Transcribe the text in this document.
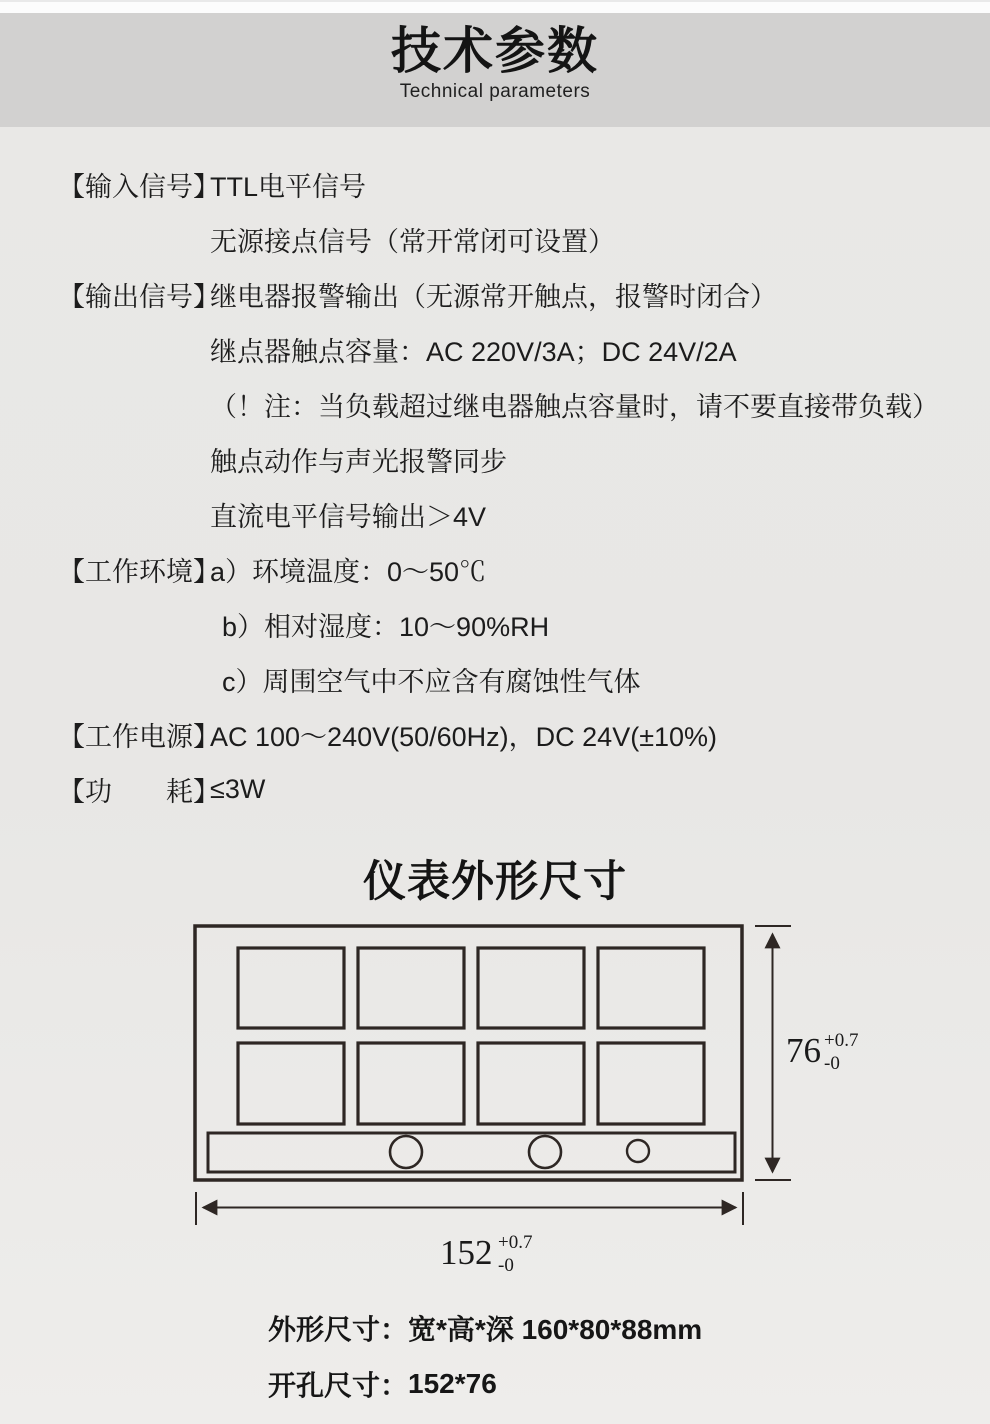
技术参数
Technical parameters
【输入信号】
TTL电平信号
无源接点信号（常开常闭可设置）
【输出信号】
继电器报警输出（无源常开触点，报警时闭合）
继点器触点容量：AC 220V/3A；DC 24V/2A
（！注：当负载超过继电器触点容量时，请不要直接带负载）
触点动作与声光报警同步
直流电平信号输出＞4V
【工作环境】
a）环境温度：0～50℃
b）相对湿度：10～90%RH
c）周围空气中不应含有腐蚀性气体
【工作电源】
AC 100～240V(50/60Hz)，DC 24V(±10%)
【功　　耗】
≤3W
仪表外形尺寸
76 +0.7
-0
152 +0.7
-0
外形尺寸： 宽*高*深 160*80*88mm
开孔尺寸： 152*76
